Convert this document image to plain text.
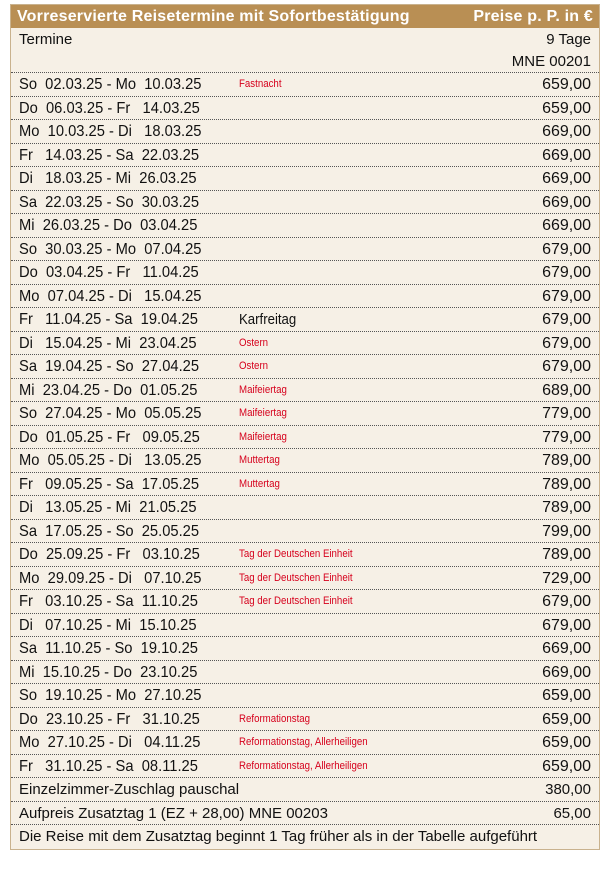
Vorreservierte Reisetermine mit Sofortbestätigung	Preise p. P. in €
Termine	9 Tage
MNE 00201
So  02.03.25 - Mo  10.03.25	Fastnacht	659,00
Do  06.03.25 - Fr   14.03.25	659,00
Mo  10.03.25 - Di   18.03.25	669,00
Fr   14.03.25 - Sa  22.03.25	669,00
Di   18.03.25 - Mi  26.03.25	669,00
Sa  22.03.25 - So  30.03.25	669,00
Mi  26.03.25 - Do  03.04.25	669,00
So  30.03.25 - Mo  07.04.25	679,00
Do  03.04.25 - Fr   11.04.25	679,00
Mo  07.04.25 - Di   15.04.25	679,00
Fr   11.04.25 - Sa  19.04.25	Karfreitag	679,00
Di   15.04.25 - Mi  23.04.25	Ostern	679,00
Sa  19.04.25 - So  27.04.25	Ostern	679,00
Mi  23.04.25 - Do  01.05.25	Maifeiertag	689,00
So  27.04.25 - Mo  05.05.25	Maifeiertag	779,00
Do  01.05.25 - Fr   09.05.25	Maifeiertag	779,00
Mo  05.05.25 - Di   13.05.25	Muttertag	789,00
Fr   09.05.25 - Sa  17.05.25	Muttertag	789,00
Di   13.05.25 - Mi  21.05.25	789,00
Sa  17.05.25 - So  25.05.25	799,00
Do  25.09.25 - Fr   03.10.25	Tag der Deutschen Einheit	789,00
Mo  29.09.25 - Di   07.10.25	Tag der Deutschen Einheit	729,00
Fr   03.10.25 - Sa  11.10.25	Tag der Deutschen Einheit	679,00
Di   07.10.25 - Mi  15.10.25	679,00
Sa  11.10.25 - So  19.10.25	669,00
Mi  15.10.25 - Do  23.10.25	669,00
So  19.10.25 - Mo  27.10.25	659,00
Do  23.10.25 - Fr   31.10.25	Reformationstag	659,00
Mo  27.10.25 - Di   04.11.25	Reformationstag, Allerheiligen	659,00
Fr   31.10.25 - Sa  08.11.25	Reformationstag, Allerheiligen	659,00
Einzelzimmer-Zuschlag pauschal	380,00
Aufpreis Zusatztag 1 (EZ + 28,00) MNE 00203	65,00
Die Reise mit dem Zusatztag beginnt 1 Tag früher als in der Tabelle aufgeführt
